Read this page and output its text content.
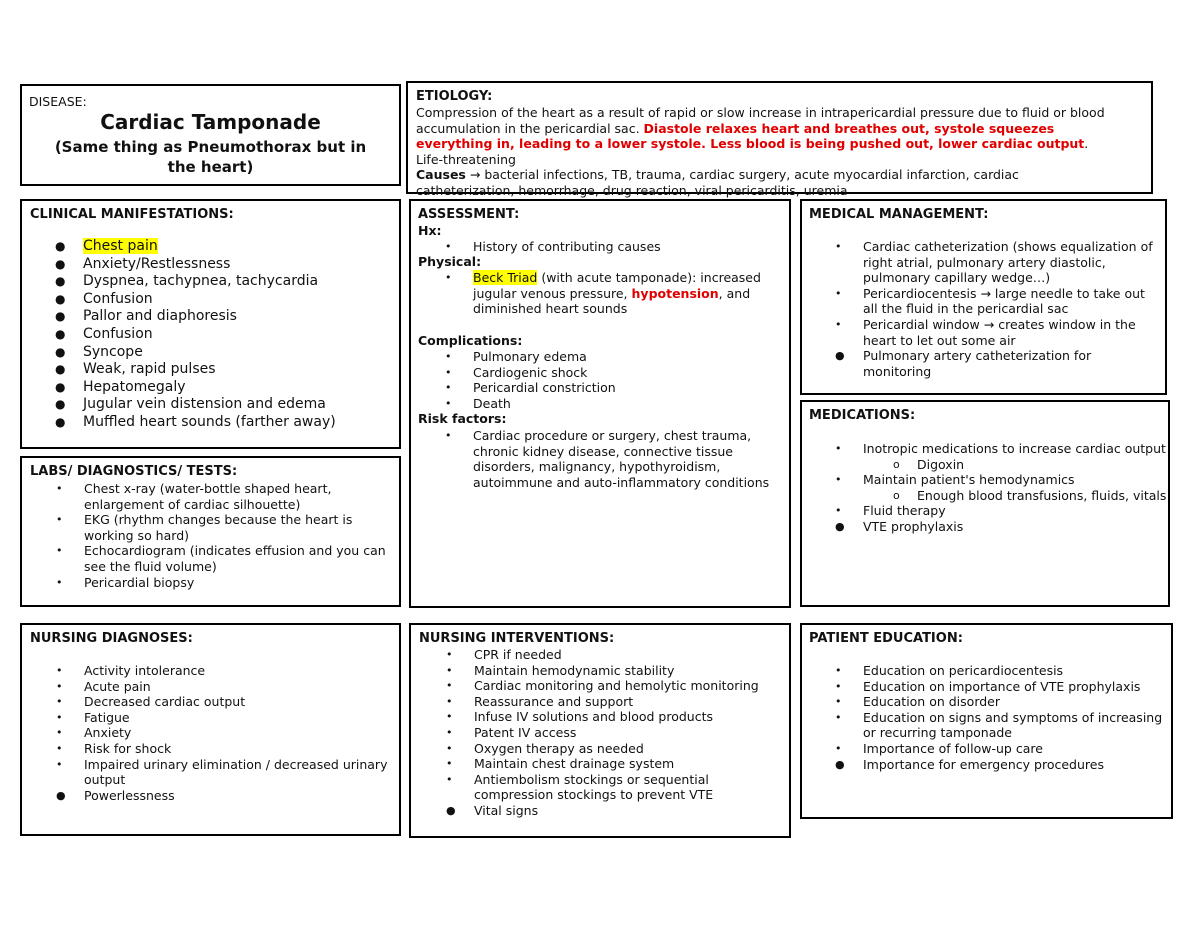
DISEASE:
Cardiac Tamponade
(Same thing as Pneumothorax but in the heart)
ETIOLOGY:
Compression of the heart as a result of rapid or slow increase in intrapericardial pressure due to fluid or blood accumulation in the pericardial sac. Diastole relaxes heart and breathes out, systole squeezes everything in, leading to a lower systole. Less blood is being pushed out, lower cardiac output. Life-threatening
Causes → bacterial infections, TB, trauma, cardiac surgery, acute myocardial infarction, cardiac catheterization, hemorrhage, drug reaction, viral pericarditis, uremia
CLINICAL MANIFESTATIONS:
● Chest pain
● Anxiety/Restlessness
● Dyspnea, tachypnea, tachycardia
● Confusion
● Pallor and diaphoresis
● Confusion
● Syncope
● Weak, rapid pulses
● Hepatomegaly
● Jugular vein distension and edema
● Muffled heart sounds (farther away)
LABS/ DIAGNOSTICS/ TESTS:
• Chest x-ray (water-bottle shaped heart, enlargement of cardiac silhouette)
• EKG (rhythm changes because the heart is working so hard)
• Echocardiogram (indicates effusion and you can see the fluid volume)
• Pericardial biopsy
ASSESSMENT:
Hx:
• History of contributing causes
Physical:
• Beck Triad (with acute tamponade): increased jugular venous pressure, hypotension, and diminished heart sounds
Complications:
• Pulmonary edema
• Cardiogenic shock
• Pericardial constriction
• Death
Risk factors:
• Cardiac procedure or surgery, chest trauma, chronic kidney disease, connective tissue disorders, malignancy, hypothyroidism, autoimmune and auto-inflammatory conditions
MEDICAL MANAGEMENT:
• Cardiac catheterization (shows equalization of right atrial, pulmonary artery diastolic, pulmonary capillary wedge…)
• Pericardiocentesis → large needle to take out all the fluid in the pericardial sac
• Pericardial window → creates window in the heart to let out some air
● Pulmonary artery catheterization for monitoring
MEDICATIONS:
• Inotropic medications to increase cardiac output
o Digoxin
• Maintain patient's hemodynamics
o Enough blood transfusions, fluids, vitals
• Fluid therapy
● VTE prophylaxis
NURSING DIAGNOSES:
• Activity intolerance
• Acute pain
• Decreased cardiac output
• Fatigue
• Anxiety
• Risk for shock
• Impaired urinary elimination / decreased urinary output
● Powerlessness
NURSING INTERVENTIONS:
• CPR if needed
• Maintain hemodynamic stability
• Cardiac monitoring and hemolytic monitoring
• Reassurance and support
• Infuse IV solutions and blood products
• Patent IV access
• Oxygen therapy as needed
• Maintain chest drainage system
• Antiembolism stockings or sequential compression stockings to prevent VTE
● Vital signs
PATIENT EDUCATION:
• Education on pericardiocentesis
• Education on importance of VTE prophylaxis
• Education on disorder
• Education on signs and symptoms of increasing or recurring tamponade
• Importance of follow-up care
● Importance for emergency procedures
